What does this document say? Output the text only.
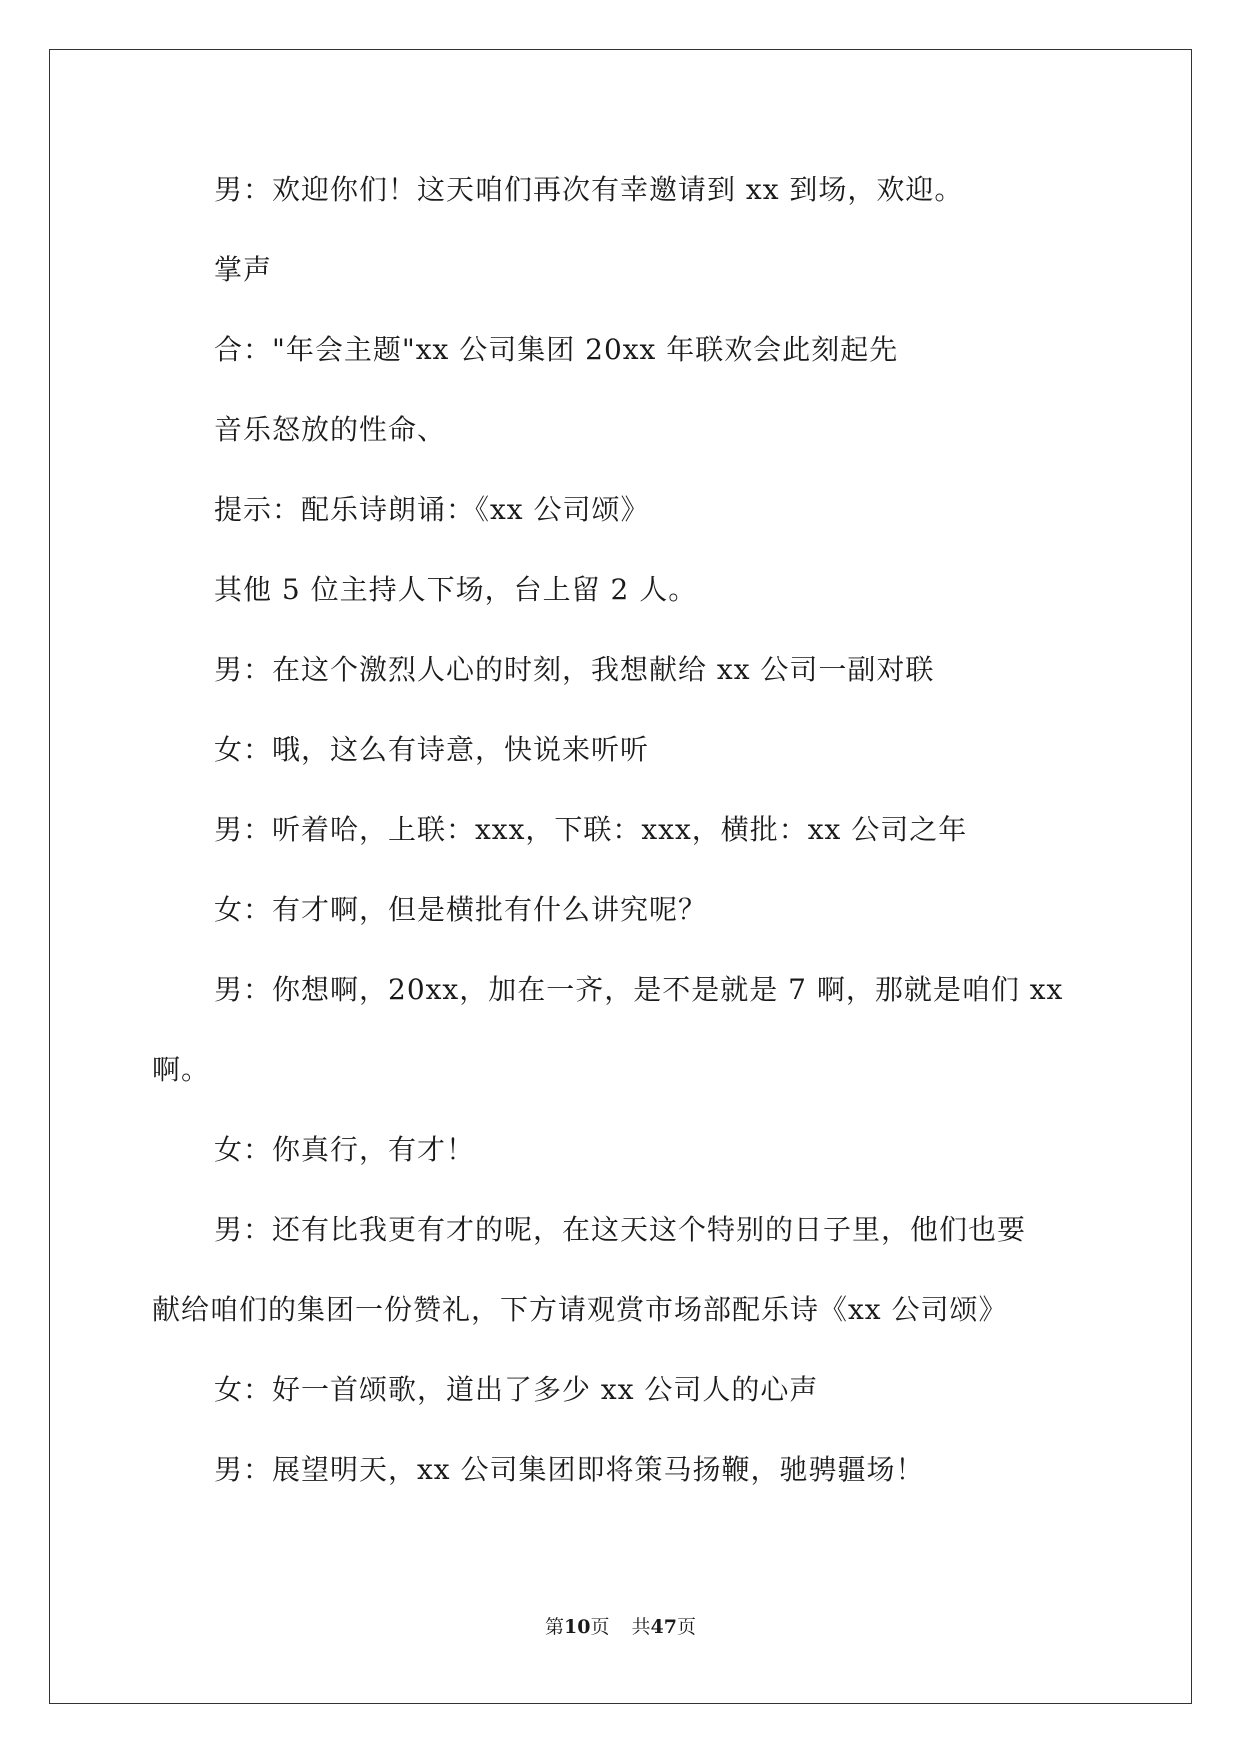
男：欢迎你们！这天咱们再次有幸邀请到 xx 到场，欢迎。
掌声
合："年会主题"xx 公司集团 20xx 年联欢会此刻起先
音乐怒放的性命、
提示：配乐诗朗诵：《xx 公司颂》
其他 5 位主持人下场，台上留 2 人。
男：在这个激烈人心的时刻，我想献给 xx 公司一副对联
女：哦，这么有诗意，快说来听听
男：听着哈，上联：xxx，下联：xxx，横批：xx 公司之年
女：有才啊，但是横批有什么讲究呢？
男：你想啊，20xx，加在一齐，是不是就是 7 啊，那就是咱们 xx
啊。
女：你真行，有才！
男：还有比我更有才的呢，在这天这个特别的日子里，他们也要
献给咱们的集团一份赞礼，下方请观赏市场部配乐诗《xx 公司颂》
女：好一首颂歌，道出了多少 xx 公司人的心声
男：展望明天，xx 公司集团即将策马扬鞭，驰骋疆场！
第10页 共47页
